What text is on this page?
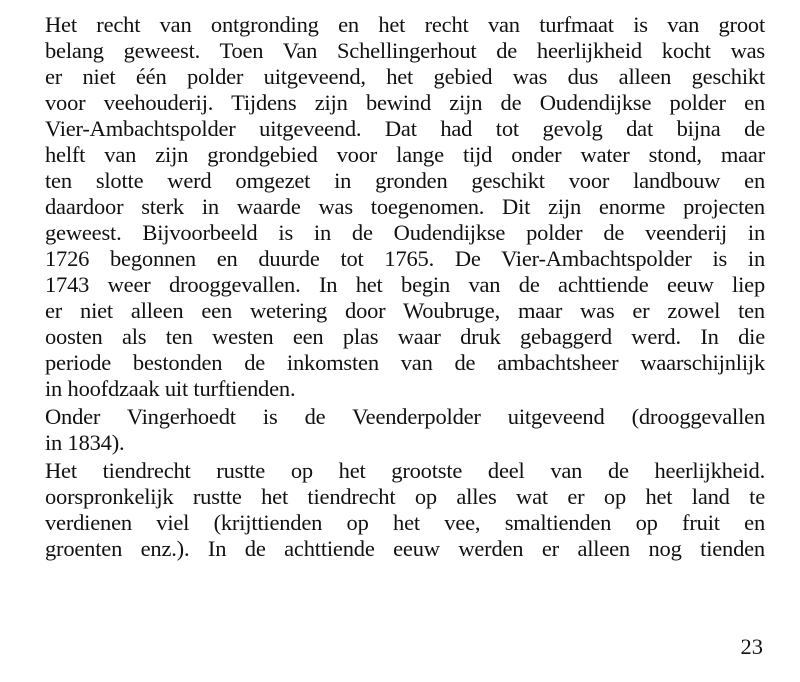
Het recht van ontgronding en het recht van turfmaat is van groot
belang geweest. Toen Van Schellingerhout de heerlijkheid kocht was
er niet één polder uitgeveend, het gebied was dus alleen geschikt
voor veehouderij. Tijdens zijn bewind zijn de Oudendijkse polder en
Vier-Ambachtspolder uitgeveend. Dat had tot gevolg dat bijna de
helft van zijn grondgebied voor lange tijd onder water stond, maar
ten slotte werd omgezet in gronden geschikt voor landbouw en
daardoor sterk in waarde was toegenomen. Dit zijn enorme projecten
geweest. Bijvoorbeeld is in de Oudendijkse polder de veenderij in
1726 begonnen en duurde tot 1765. De Vier-Ambachtspolder is in
1743 weer drooggevallen. In het begin van de achttiende eeuw liep
er niet alleen een wetering door Woubruge, maar was er zowel ten
oosten als ten westen een plas waar druk gebaggerd werd. In die
periode bestonden de inkomsten van de ambachtsheer waarschijnlijk
in hoofdzaak uit turftienden.
Onder Vingerhoedt is de Veenderpolder uitgeveend (drooggevallen
in 1834).
Het tiendrecht rustte op het grootste deel van de heerlijkheid.
oorspronkelijk rustte het tiendrecht op alles wat er op het land te
verdienen viel (krijttienden op het vee, smaltienden op fruit en
groenten enz.). In de achttiende eeuw werden er alleen nog tienden
23
